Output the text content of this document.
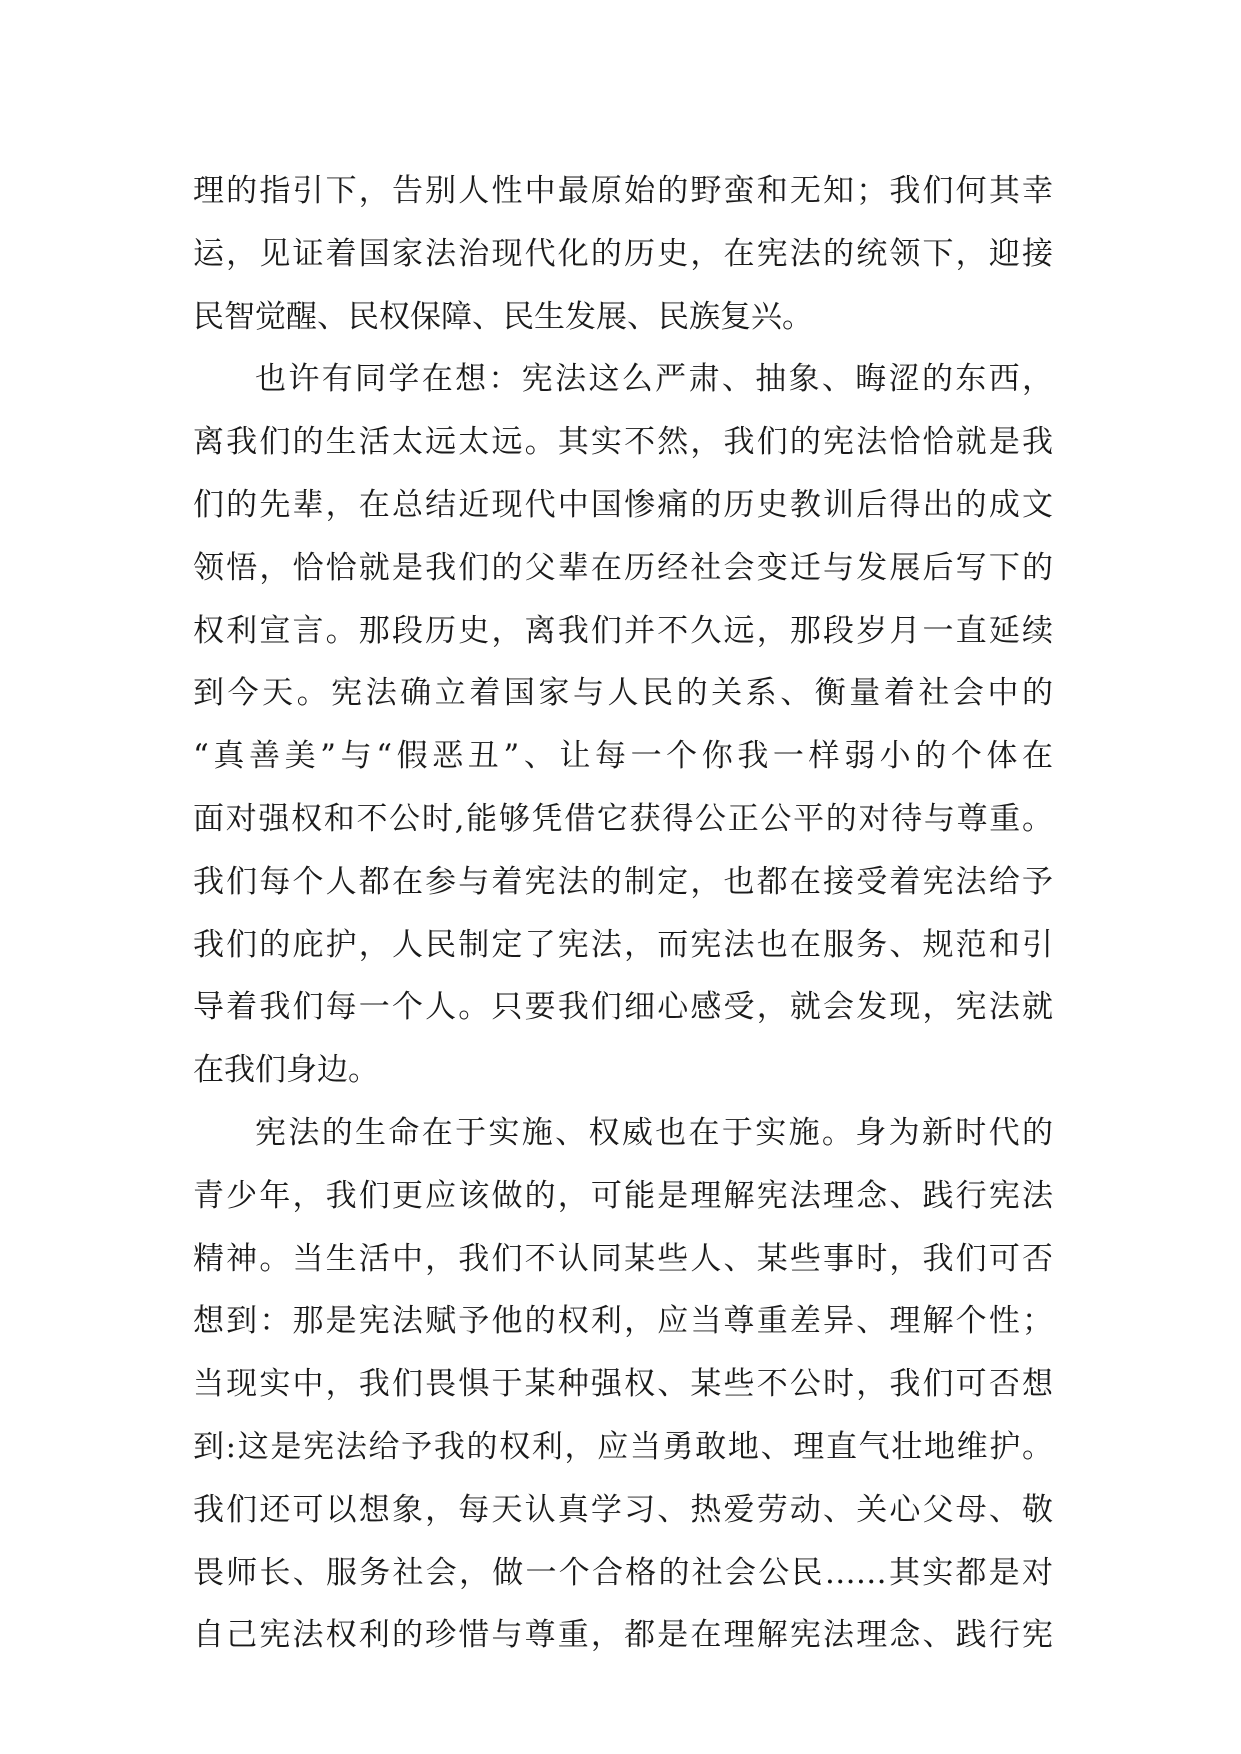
理的指引下，告别人性中最原始的野蛮和无知；我们何其幸
运，见证着国家法治现代化的历史，在宪法的统领下，迎接
民智觉醒、民权保障、民生发展、民族复兴。
也许有同学在想：宪法这么严肃、抽象、晦涩的东西，
离我们的生活太远太远。其实不然，我们的宪法恰恰就是我
们的先辈，在总结近现代中国惨痛的历史教训后得出的成文
领悟，恰恰就是我们的父辈在历经社会变迁与发展后写下的
权利宣言。那段历史，离我们并不久远，那段岁月一直延续
到今天。宪法确立着国家与人民的关系、衡量着社会中的
“真善美”与“假恶丑”、让每一个你我一样弱小的个体在
面对强权和不公时,能够凭借它获得公正公平的对待与尊重。
我们每个人都在参与着宪法的制定，也都在接受着宪法给予
我们的庇护，人民制定了宪法，而宪法也在服务、规范和引
导着我们每一个人。只要我们细心感受，就会发现，宪法就
在我们身边。
宪法的生命在于实施、权威也在于实施。身为新时代的
青少年，我们更应该做的，可能是理解宪法理念、践行宪法
精神。当生活中，我们不认同某些人、某些事时，我们可否
想到：那是宪法赋予他的权利，应当尊重差异、理解个性；
当现实中，我们畏惧于某种强权、某些不公时，我们可否想
到:这是宪法给予我的权利，应当勇敢地、理直气壮地维护。
我们还可以想象，每天认真学习、热爱劳动、关心父母、敬
畏师长、服务社会，做一个合格的社会公民……其实都是对
自己宪法权利的珍惜与尊重，都是在理解宪法理念、践行宪
